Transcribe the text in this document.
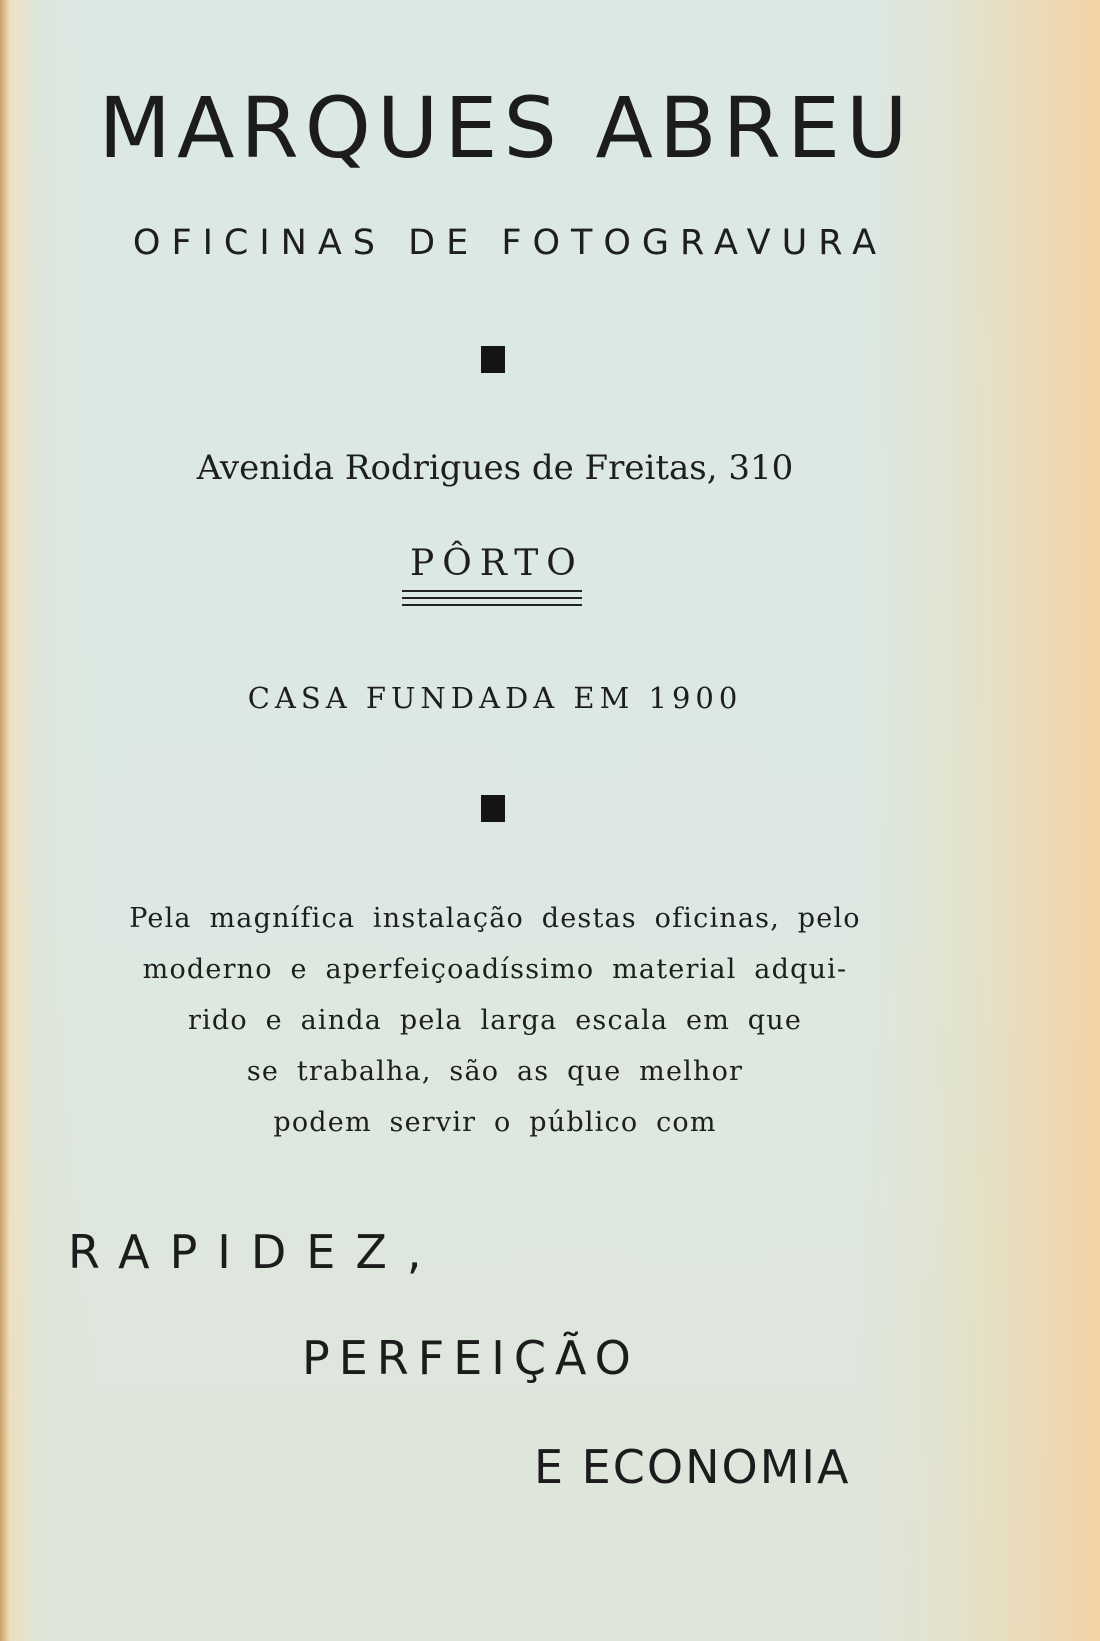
MARQUES ABREU
OFICINAS DE FOTOGRAVURA
Avenida Rodrigues de Freitas, 310
PÔRTO
CASA FUNDADA EM 1900
Pela magnífica instalação destas oficinas, pelo
moderno e aperfeiçoadíssimo material adqui-
rido e ainda pela larga escala em que
se trabalha, são as que melhor
podem servir o público com
RAPIDEZ,
PERFEIÇÃO
E ECONOMIA
